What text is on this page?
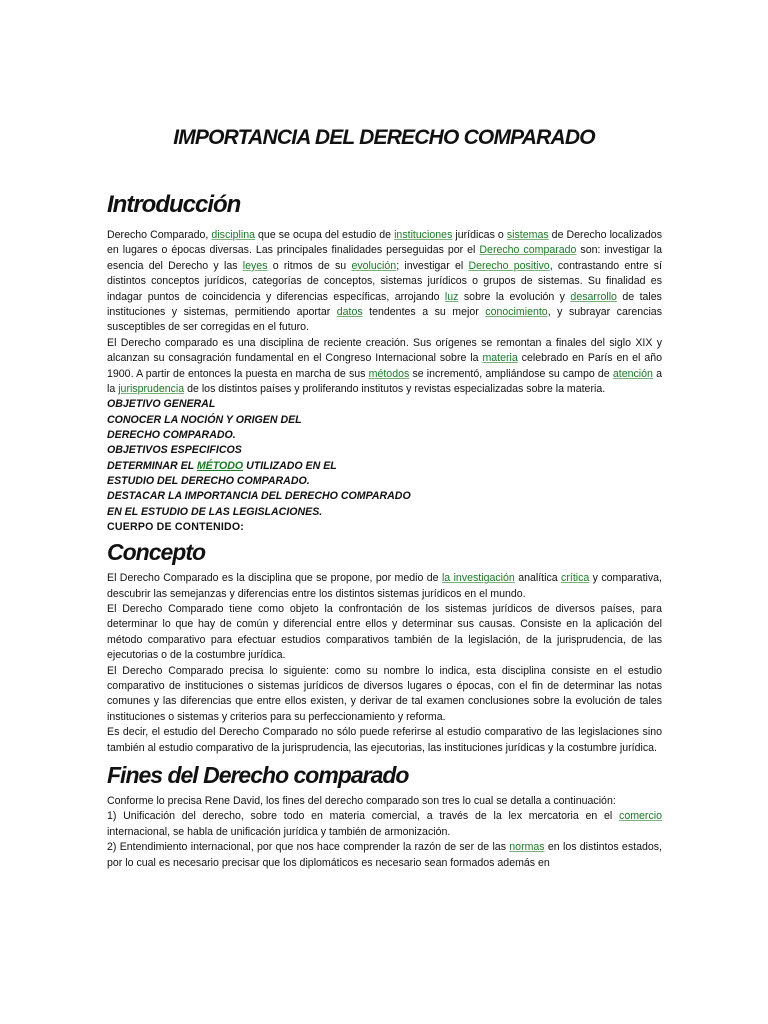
IMPORTANCIA DEL DERECHO COMPARADO
Introducción

Derecho Comparado, disciplina que se ocupa del estudio de instituciones jurídicas o sistemas de Derecho localizados en lugares o épocas diversas. Las principales finalidades perseguidas por el Derecho comparado son: investigar la esencia del Derecho y las leyes o ritmos de su evolución; investigar el Derecho positivo, contrastando entre sí distintos conceptos jurídicos, categorías de conceptos, sistemas jurídicos o grupos de sistemas. Su finalidad es indagar puntos de coincidencia y diferencias específicas, arrojando luz sobre la evolución y desarrollo de tales instituciones y sistemas, permitiendo aportar datos tendentes a su mejor conocimiento, y subrayar carencias susceptibles de ser corregidas en el futuro.

El Derecho comparado es una disciplina de reciente creación. Sus orígenes se remontan a finales del siglo XIX y alcanzan su consagración fundamental en el Congreso Internacional sobre la materia celebrado en París en el año 1900. A partir de entonces la puesta en marcha de sus métodos se incrementó, ampliándose su campo de atención a la jurisprudencia de los distintos países y proliferando institutos y revistas especializadas sobre la materia.

OBJETIVO GENERAL

CONOCER LA NOCIÓN Y ORIGEN DEL

DERECHO COMPARADO.

OBJETIVOS ESPECIFICOS

DETERMINAR EL MÉTODO UTILIZADO EN EL

ESTUDIO DEL DERECHO COMPARADO.

DESTACAR LA IMPORTANCIA DEL DERECHO COMPARADO

EN EL ESTUDIO DE LAS LEGISLACIONES.

CUERPO DE CONTENIDO:

Concepto

El Derecho Comparado es la disciplina que se propone, por medio de la investigación analítica crítica y comparativa, descubrir las semejanzas y diferencias entre los distintos sistemas jurídicos en el mundo.

El Derecho Comparado tiene como objeto la confrontación de los sistemas jurídicos de diversos países, para determinar lo que hay de común y diferencial entre ellos y determinar sus causas. Consiste en la aplicación del método comparativo para efectuar estudios comparativos también de la legislación, de la jurisprudencia, de las ejecutorias o de la costumbre jurídica.

El Derecho Comparado precisa lo siguiente: como su nombre lo indica, esta disciplina consiste en el estudio comparativo de instituciones o sistemas jurídicos de diversos lugares o épocas, con el fin de determinar las notas comunes y las diferencias que entre ellos existen, y derivar de tal examen conclusiones sobre la evolución de tales instituciones o sistemas y criterios para su perfeccionamiento y reforma.

Es decir, el estudio del Derecho Comparado no sólo puede referirse al estudio comparativo de las legislaciones sino también al estudio comparativo de la jurisprudencia, las ejecutorias, las instituciones jurídicas y la costumbre jurídica.

Fines del Derecho comparado

Conforme lo precisa Rene David, los fines del derecho comparado son tres lo cual se detalla a continuación:

1) Unificación del derecho, sobre todo en materia comercial, a través de la lex mercatoria en el comercio internacional, se habla de unificación jurídica y también de armonización.

2) Entendimiento internacional, por que nos hace comprender la razón de ser de las normas en los distintos estados, por lo cual es necesario precisar que los diplomáticos es necesario sean formados además en
